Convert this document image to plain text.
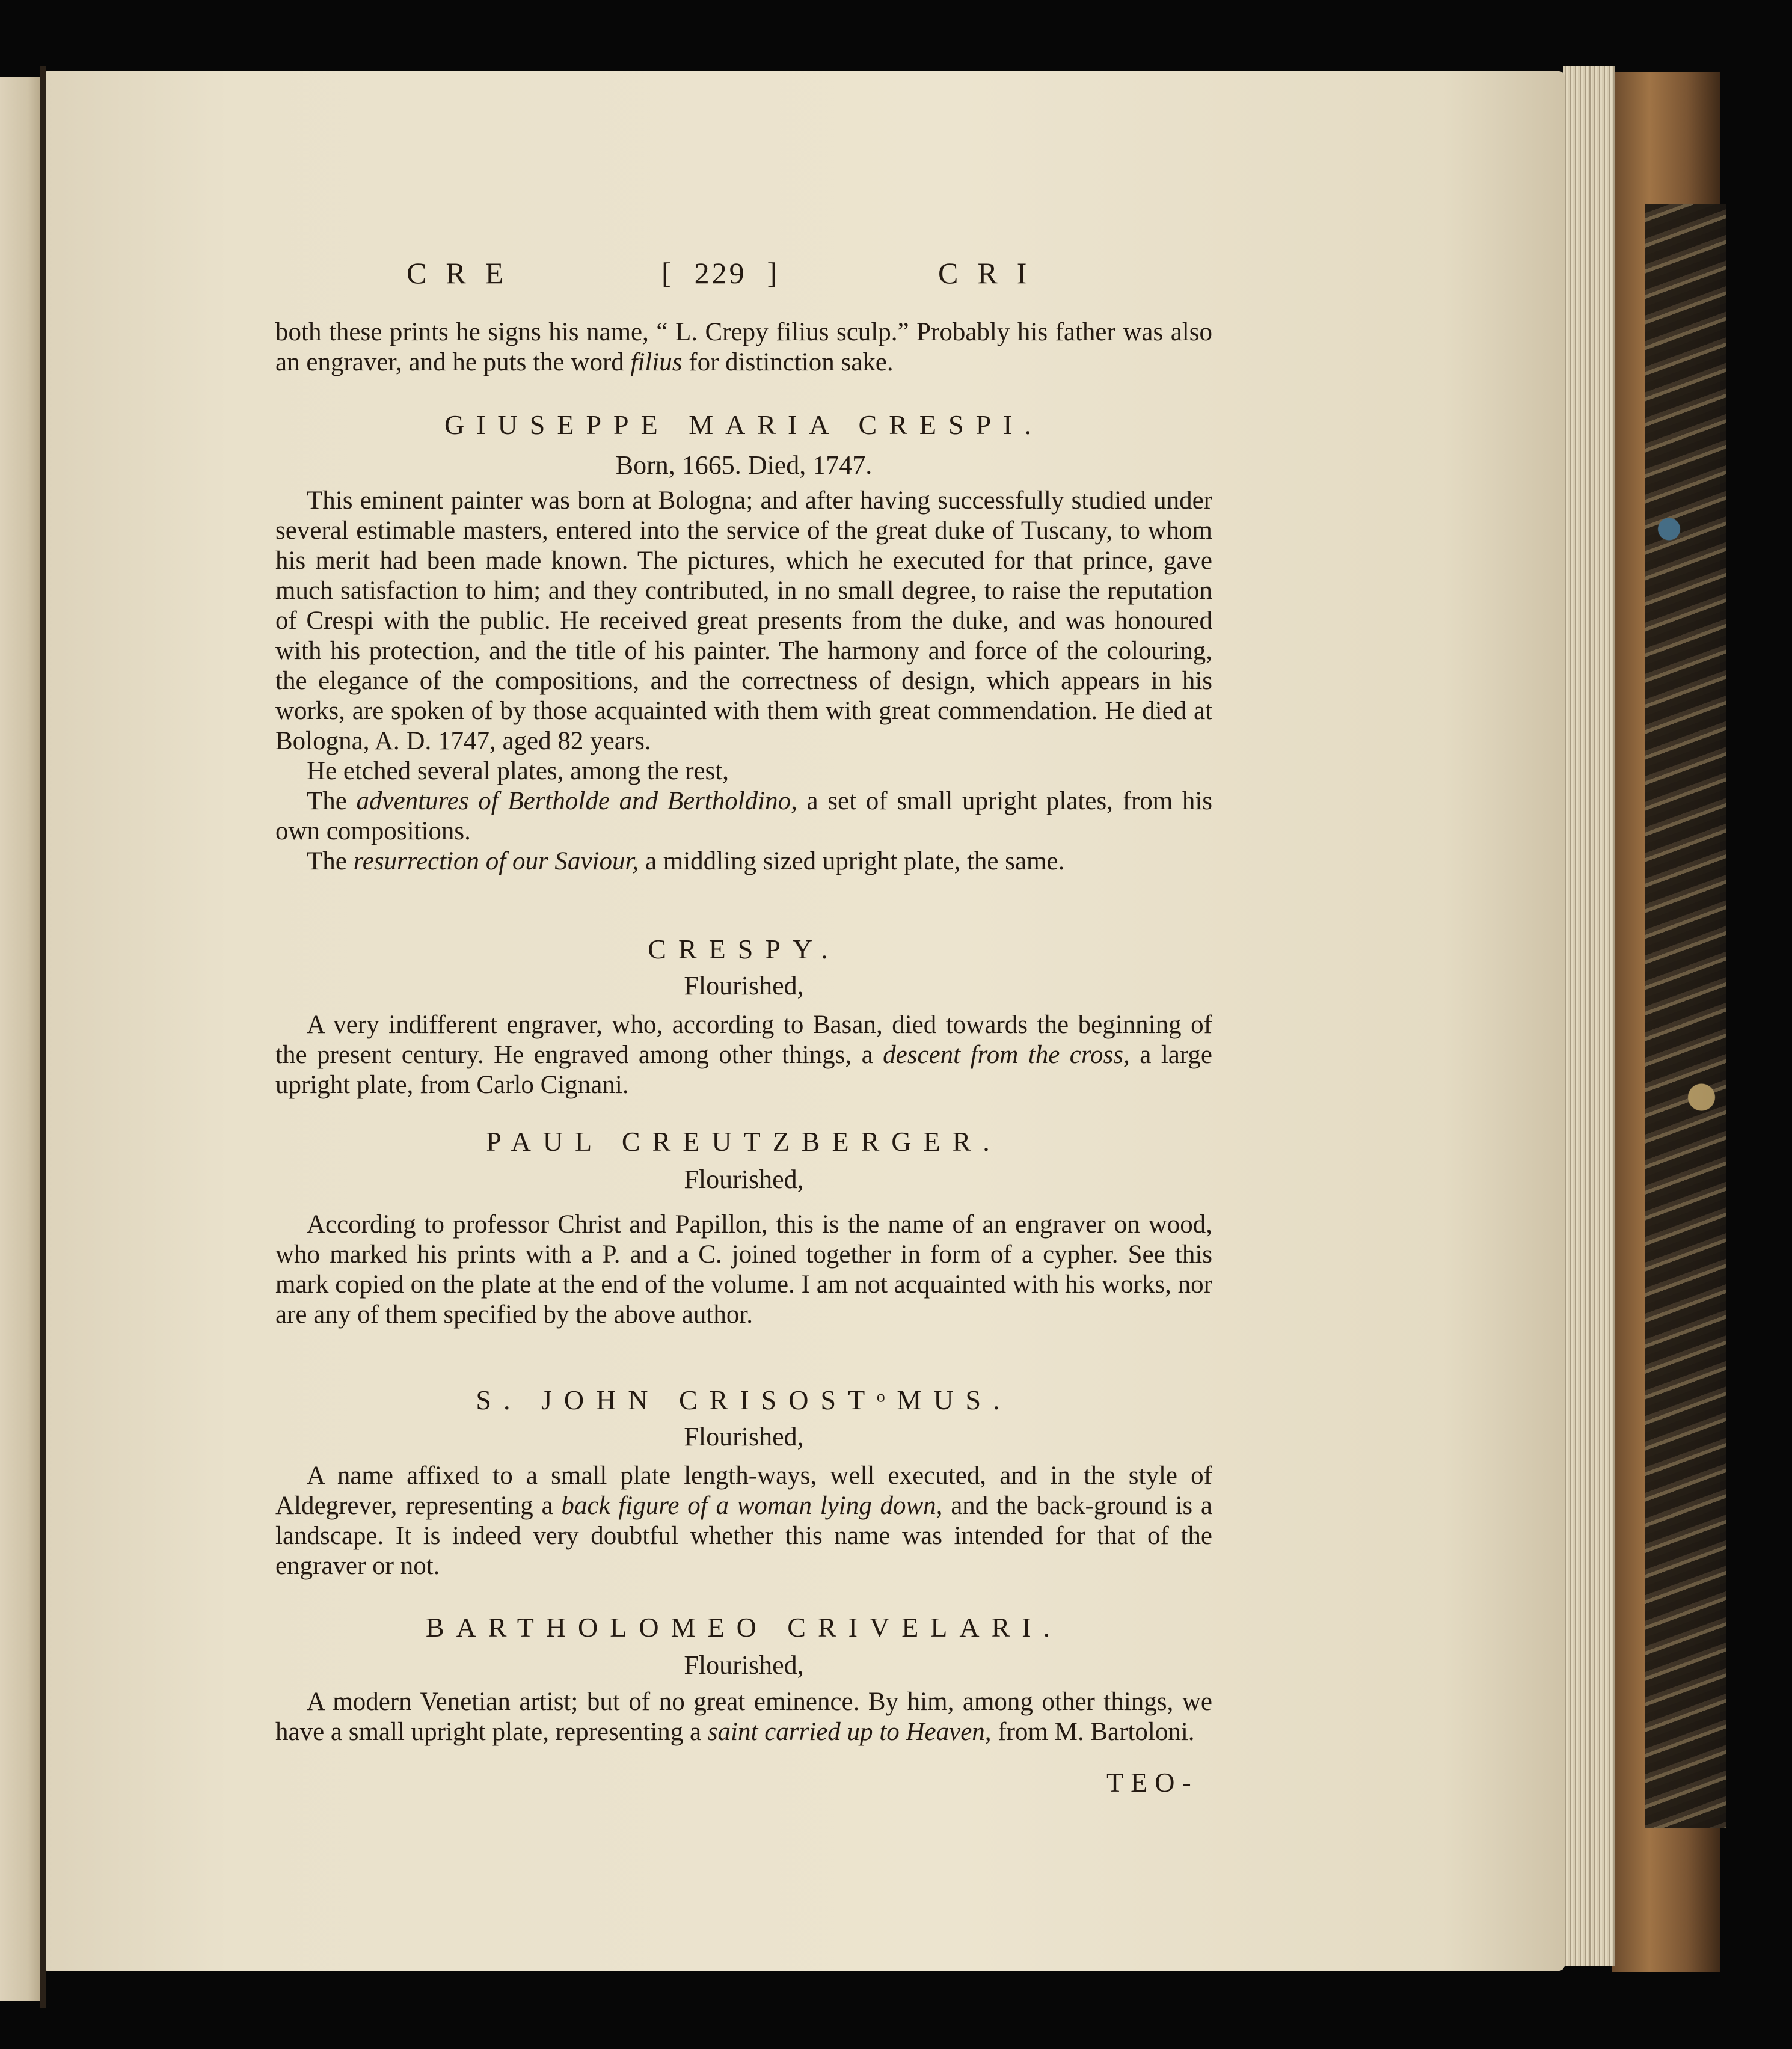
CRE	[ 229 ]	CRI

both these prints he signs his name, “ L. Crepy filius sculp.” Probably his father was also an engraver, and he puts the word filius for distinction sake.

GIUSEPPE MARIA CRESPI.
Born, 1665. Died, 1747.

This eminent painter was born at Bologna; and after having successfully studied under several estimable masters, entered into the service of the great duke of Tuscany, to whom his merit had been made known. The pictures, which he executed for that prince, gave much satisfaction to him; and they contributed, in no small degree, to raise the reputation of Crespi with the public. He received great presents from the duke, and was honoured with his protection, and the title of his painter. The harmony and force of the colouring, the elegance of the compositions, and the correctness of design, which appears in his works, are spoken of by those acquainted with them with great commendation. He died at Bologna, A. D. 1747, aged 82 years.

He etched several plates, among the rest,

The adventures of Bertholde and Bertholdino, a set of small upright plates, from his own compositions.

The resurrection of our Saviour, a middling sized upright plate, the same.

CRESPY.
Flourished,

A very indifferent engraver, who, according to Basan, died towards the beginning of the present century. He engraved among other things, a descent from the cross, a large upright plate, from Carlo Cignani.

PAUL CREUTZBERGER.
Flourished,

According to professor Christ and Papillon, this is the name of an engraver on wood, who marked his prints with a P. and a C. joined together in form of a cypher. See this mark copied on the plate at the end of the volume. I am not acquainted with his works, nor are any of them specified by the above author.

S. JOHN CRISOSTᵒMUS.
Flourished,

A name affixed to a small plate length-ways, well executed, and in the style of Aldegrever, representing a back figure of a woman lying down, and the back-ground is a landscape. It is indeed very doubtful whether this name was intended for that of the engraver or not.

BARTHOLOMEO CRIVELARI.
Flourished,

A modern Venetian artist; but of no great eminence. By him, among other things, we have a small upright plate, representing a saint carried up to Heaven, from M. Bartoloni.

TEO-
